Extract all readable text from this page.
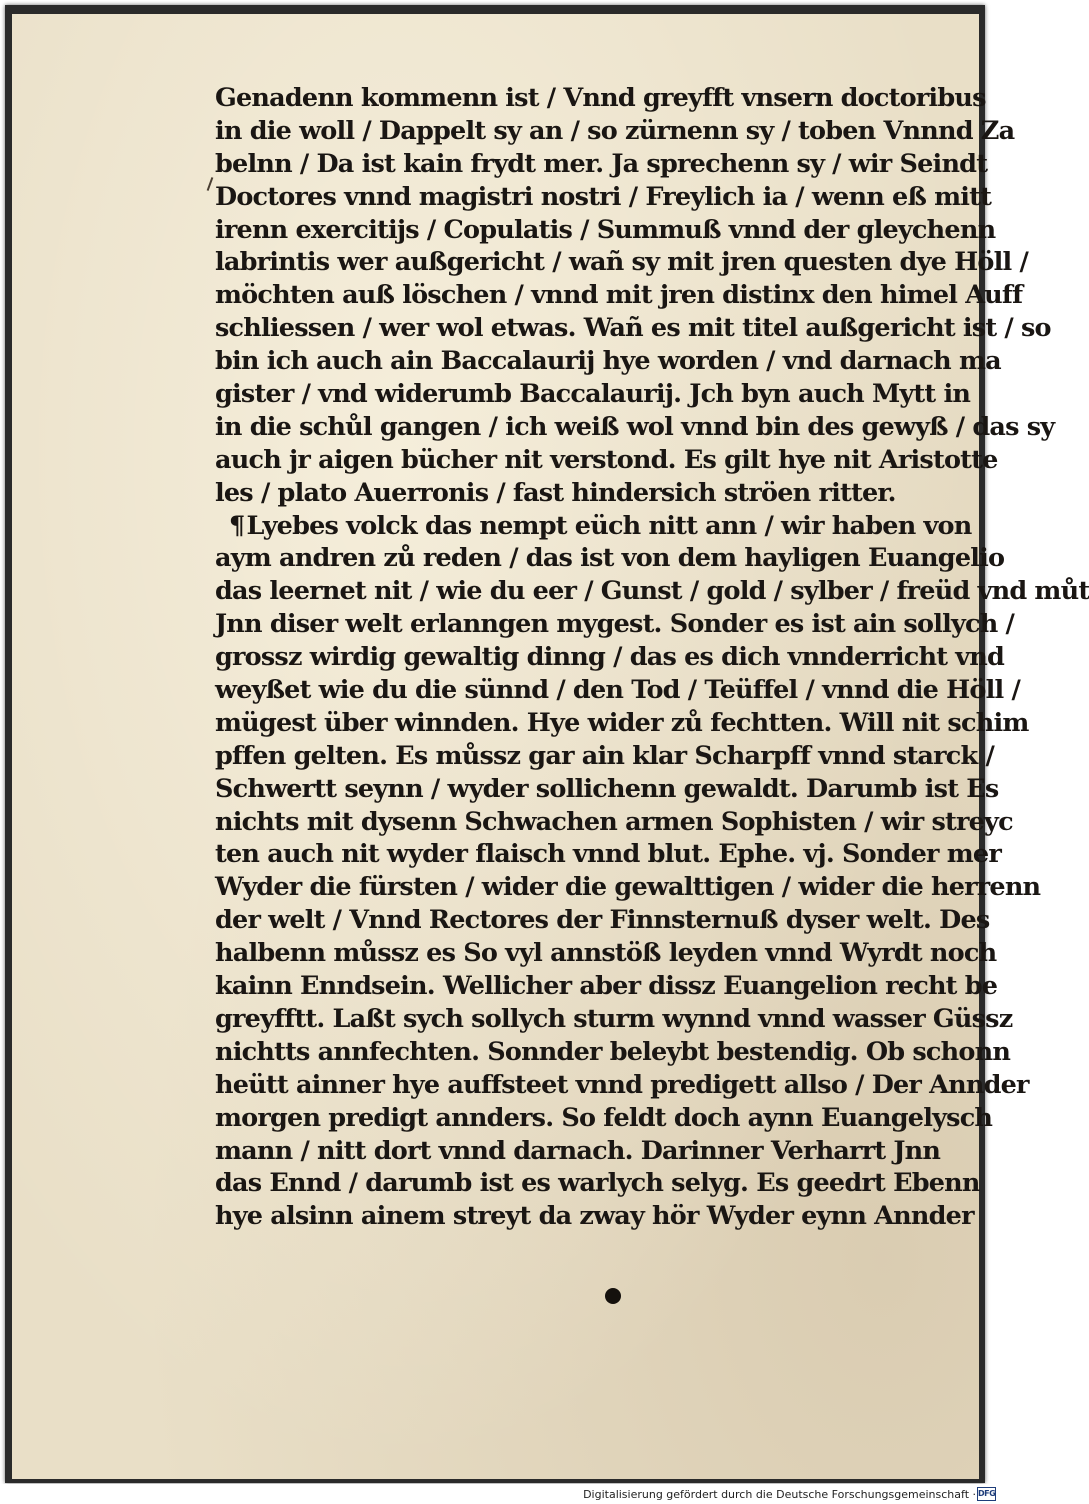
Genadenn kommenn ist / Vnnd greyfft vnsern doctoribus
in die woll / Dappelt sy an / so zürnenn sy / toben Vnnnd Za
belnn / Da ist kain frydt mer. Ja sprechenn sy / wir Seindt
Doctores vnnd magistri nostri / Freylich ia / wenn eß mitt
irenn exercitijs / Copulatis / Summuß vnnd der gleychenn
labrintis wer außgericht / wañ sy mit jren questen dye Höll /
möchten auß löschen / vnnd mit jren distinx den himel Auff
schliessen / wer wol etwas. Wañ es mit titel außgericht ist / so
bin ich auch ain Baccalaurij hye worden / vnd darnach ma
gister / vnd widerumb Baccalaurij. Jch byn auch Mytt in
in die schůl gangen / ich weiß wol vnnd bin des gewyß / das sy
auch jr aigen bücher nit verstond. Es gilt hye nit Aristotte
les / plato Auerronis / fast hindersich ströen ritter.
¶Lyebes volck das nempt eüch nitt ann / wir haben von
aym andren zů reden / das ist von dem hayligen Euangelio
das leernet nit / wie du eer / Gunst / gold / sylber / freüd vnd můt
Jnn diser welt erlanngen mygest. Sonder es ist ain sollych /
grossz wirdig gewaltig dinng / das es dich vnnderricht vnd
weyßet wie du die sünnd / den Tod / Teüffel / vnnd die Höll /
mügest über winnden. Hye wider zů fechtten. Will nit schim
pffen gelten. Es můssz gar ain klar Scharpff vnnd starck /
Schwertt seynn / wyder sollichenn gewaldt. Darumb ist Es
nichts mit dysenn Schwachen armen Sophisten / wir streyc
ten auch nit wyder flaisch vnnd blut. Ephe. vj. Sonder mer
Wyder die fürsten / wider die gewalttigen / wider die herrenn
der welt / Vnnd Rectores der Finnsternuß dyser welt. Des
halbenn můssz es So vyl annstöß leyden vnnd Wyrdt noch
kainn Enndsein. Wellicher aber dissz Euangelion recht be
greyfftt. Laßt sych sollych sturm wynnd vnnd wasser Güssz
nichtts annfechten. Sonnder beleybt bestendig. Ob schonn
heütt ainner hye auffsteet vnnd predigett allso / Der Annder
morgen predigt annders. So feldt doch aynn Euangelysch
mann / nitt dort vnnd darnach. Darinner Verharrt Jnn
das Ennd / darumb ist es warlych selyg. Es geedrt Ebenn
hye alsinn ainem streyt da zway hör Wyder eynn Annder
Digitalisierung gefördert durch die Deutsche Forschungsgemeinschaft · DFG
